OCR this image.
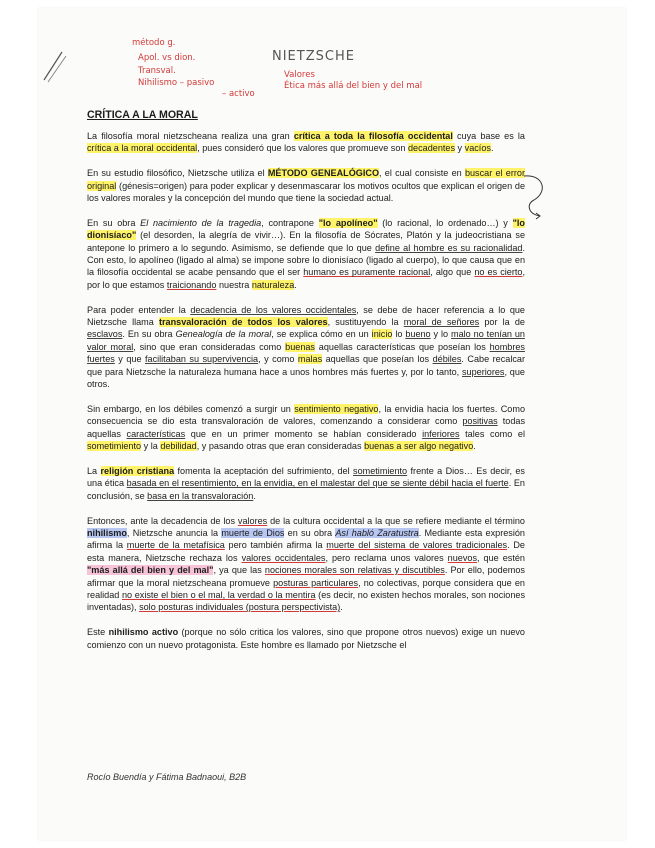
método g.
Apol. vs dion.
Transval.
Nihilismo – pasivo
– activo
NIETZSCHE
Valores
Ética más allá del bien y del mal
CRÍTICA A LA MORAL

La filosofía moral nietzscheana realiza una gran crítica a toda la filosofía occidental cuya base es la crítica a la moral occidental, pues consideró que los valores que promueve son decadentes y vacíos.

En su estudio filosófico, Nietzsche utiliza el MÉTODO GENEALÓGICO, el cual consiste en buscar el error original (génesis=origen) para poder explicar y desenmascarar los motivos ocultos que explican el origen de los valores morales y la concepción del mundo que tiene la sociedad actual.

En su obra El nacimiento de la tragedia, contrapone "lo apolíneo" (lo racional, lo ordenado…) y "lo dionisíaco" (el desorden, la alegría de vivir…). En la filosofía de Sócrates, Platón y la judeocristiana se antepone lo primero a lo segundo. Asimismo, se defiende que lo que define al hombre es su racionalidad. Con esto, lo apolíneo (ligado al alma) se impone sobre lo dionisíaco (ligado al cuerpo), lo que causa que en la filosofía occidental se acabe pensando que el ser humano es puramente racional, algo que no es cierto, por lo que estamos traicionando nuestra naturaleza.

Para poder entender la decadencia de los valores occidentales, se debe de hacer referencia a lo que Nietzsche llama transvaloración de todos los valores, sustituyendo la moral de señores por la de esclavos. En su obra Genealogía de la moral, se explica cómo en un inicio lo bueno y lo malo no tenían un valor moral, sino que eran consideradas como buenas aquellas características que poseían los hombres fuertes y que facilitaban su supervivencia, y como malas aquellas que poseían los débiles. Cabe recalcar que para Nietzsche la naturaleza humana hace a unos hombres más fuertes y, por lo tanto, superiores, que otros.

Sin embargo, en los débiles comenzó a surgir un sentimiento negativo, la envidia hacia los fuertes. Como consecuencia se dio esta transvaloración de valores, comenzando a considerar como positivas todas aquellas características que en un primer momento se habían considerado inferiores tales como el sometimiento y la debilidad, y pasando otras que eran consideradas buenas a ser algo negativo.

La religión cristiana fomenta la aceptación del sufrimiento, del sometimiento frente a Dios… Es decir, es una ética basada en el resentimiento, en la envidia, en el malestar del que se siente débil hacia el fuerte. En conclusión, se basa en la transvaloración.

Entonces, ante la decadencia de los valores de la cultura occidental a la que se refiere mediante el término nihilismo, Nietzsche anuncia la muerte de Dios en su obra Así habló Zaratustra. Mediante esta expresión afirma la muerte de la metafísica pero también afirma la muerte del sistema de valores tradicionales. De esta manera, Nietzsche rechaza los valores occidentales, pero reclama unos valores nuevos, que estén "más allá del bien y del mal", ya que las nociones morales son relativas y discutibles. Por ello, podemos afirmar que la moral nietzscheana promueve posturas particulares, no colectivas, porque considera que en realidad no existe el bien o el mal, la verdad o la mentira (es decir, no existen hechos morales, son nociones inventadas), solo posturas individuales (postura perspectivista).

Este nihilismo activo (porque no sólo critica los valores, sino que propone otros nuevos) exige un nuevo comienzo con un nuevo protagonista. Este hombre es llamado por Nietzsche el

Rocío Buendía y Fátima Badnaoui, B2B
